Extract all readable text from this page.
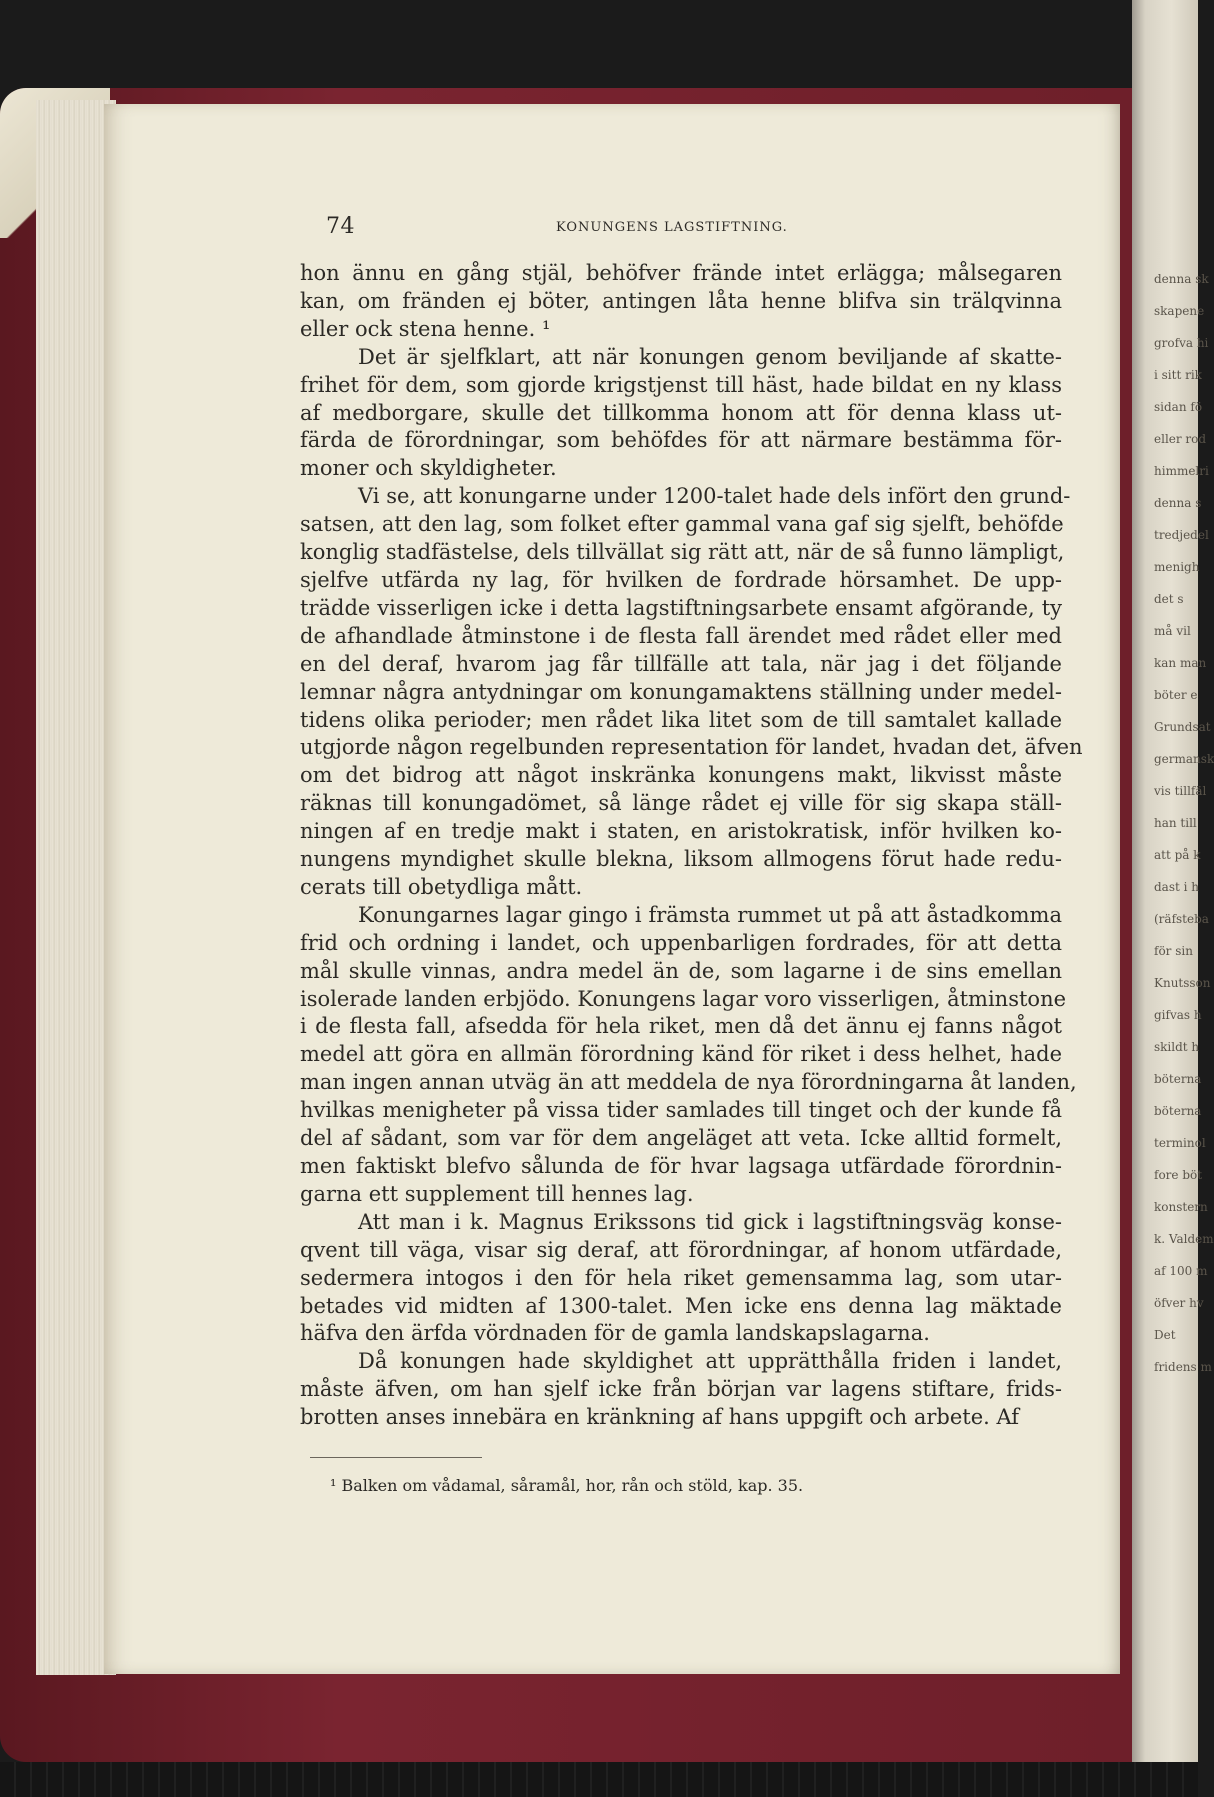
denna sk
skapene
grofva hi
i sitt rik
sidan fö
eller rod
himmelri
denna s
tredjedel
menigh
det s
må vil
kan man
böter e
Grundsat
germansk
vis tillfäl
han till
att på k
dast i h
(räfsteba
för sin
Knutsson
gifvas h
skildt h
böterna
böterna
terminol
fore böt
konstern
k. Valdem
af 100 m
öfver hv
Det
fridens m
74	KONUNGENS LAGSTIFTNING.
hon ännu en gång stjäl, behöfver frände intet erlägga; målsegaren
kan, om fränden ej böter, antingen låta henne blifva sin trälqvinna
eller ock stena henne. ¹
Det är sjelfklart, att när konungen genom beviljande af skatte-
frihet för dem, som gjorde krigstjenst till häst, hade bildat en ny klass
af medborgare, skulle det tillkomma honom att för denna klass ut-
färda de förordningar, som behöfdes för att närmare bestämma för-
moner och skyldigheter.
Vi se, att konungarne under 1200-talet hade dels infört den grund-
satsen, att den lag, som folket efter gammal vana gaf sig sjelft, behöfde
konglig stadfästelse, dels tillvällat sig rätt att, när de så funno lämpligt,
sjelfve utfärda ny lag, för hvilken de fordrade hörsamhet. De upp-
trädde visserligen icke i detta lagstiftningsarbete ensamt afgörande, ty
de afhandlade åtminstone i de flesta fall ärendet med rådet eller med
en del deraf, hvarom jag får tillfälle att tala, när jag i det följande
lemnar några antydningar om konungamaktens ställning under medel-
tidens olika perioder; men rådet lika litet som de till samtalet kallade
utgjorde någon regelbunden representation för landet, hvadan det, äfven
om det bidrog att något inskränka konungens makt, likvisst måste
räknas till konungadömet, så länge rådet ej ville för sig skapa ställ-
ningen af en tredje makt i staten, en aristokratisk, inför hvilken ko-
nungens myndighet skulle blekna, liksom allmogens förut hade redu-
cerats till obetydliga mått.
Konungarnes lagar gingo i främsta rummet ut på att åstadkomma
frid och ordning i landet, och uppenbarligen fordrades, för att detta
mål skulle vinnas, andra medel än de, som lagarne i de sins emellan
isolerade landen erbjödo. Konungens lagar voro visserligen, åtminstone
i de flesta fall, afsedda för hela riket, men då det ännu ej fanns något
medel att göra en allmän förordning känd för riket i dess helhet, hade
man ingen annan utväg än att meddela de nya förordningarna åt landen,
hvilkas menigheter på vissa tider samlades till tinget och der kunde få
del af sådant, som var för dem angeläget att veta. Icke alltid formelt,
men faktiskt blefvo sålunda de för hvar lagsaga utfärdade förordnin-
garna ett supplement till hennes lag.
Att man i k. Magnus Erikssons tid gick i lagstiftningsväg konse-
qvent till väga, visar sig deraf, att förordningar, af honom utfärdade,
sedermera intogos i den för hela riket gemensamma lag, som utar-
betades vid midten af 1300-talet. Men icke ens denna lag mäktade
häfva den ärfda vördnaden för de gamla landskapslagarna.
Då konungen hade skyldighet att upprätthålla friden i landet,
måste äfven, om han sjelf icke från början var lagens stiftare, frids-
brotten anses innebära en kränkning af hans uppgift och arbete. Af
¹ Balken om vådamal, såramål, hor, rån och stöld, kap. 35.
